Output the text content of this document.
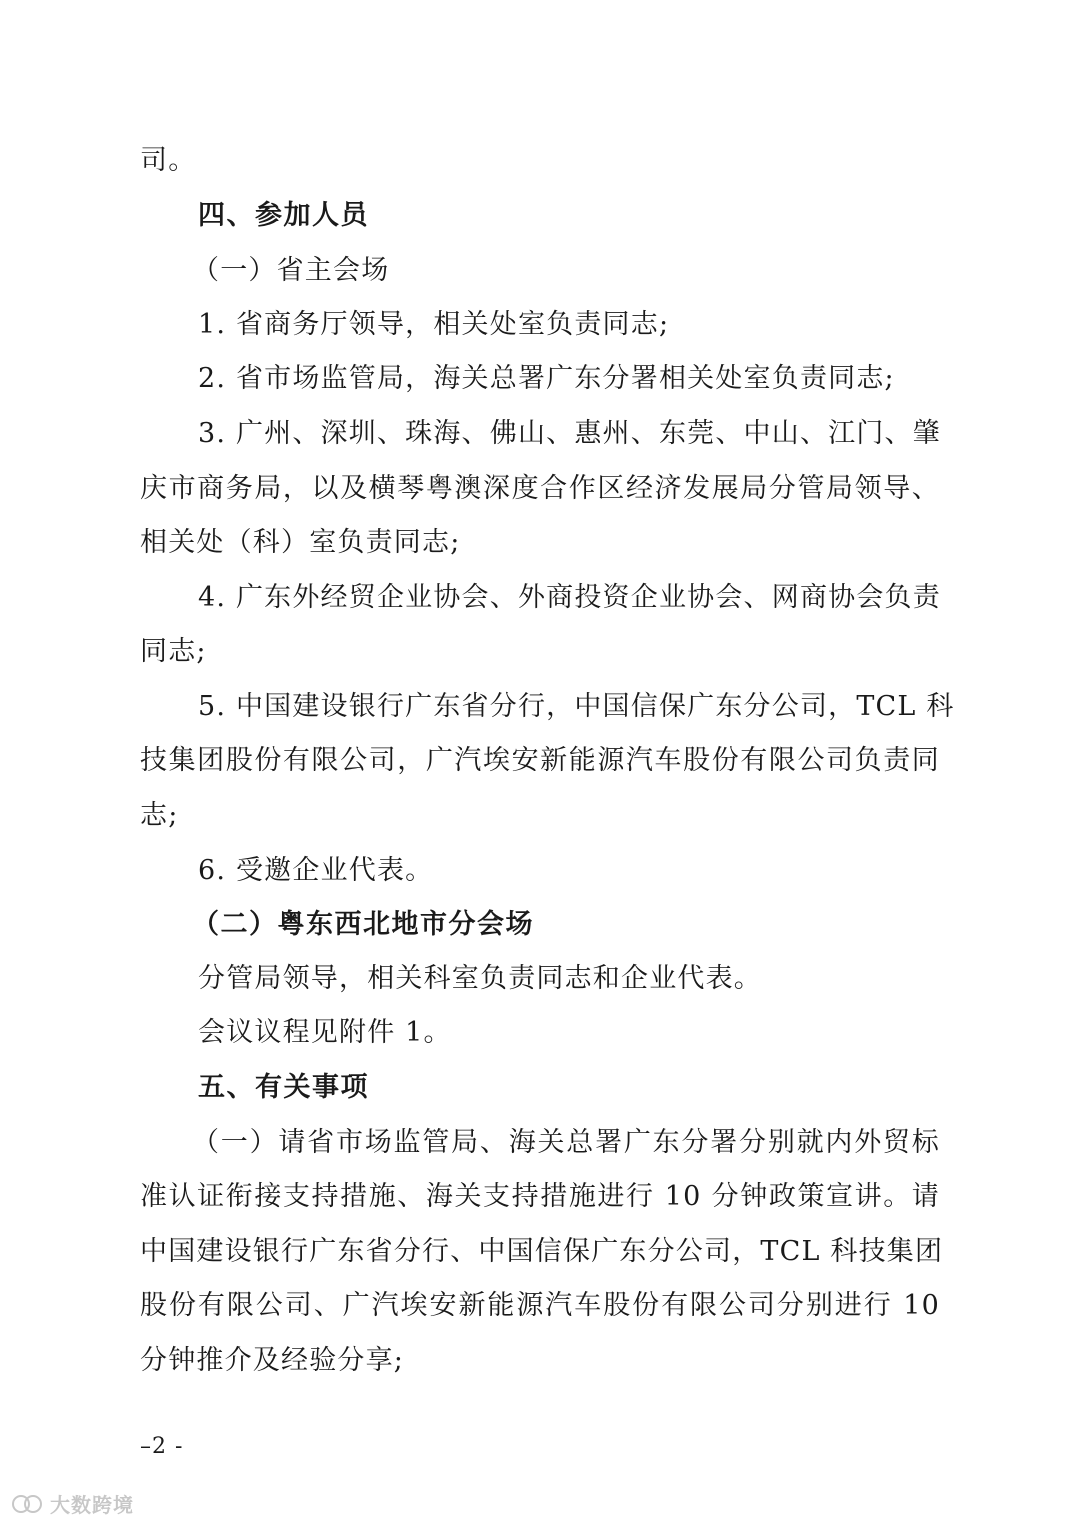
司。
四、参加人员
（一）省主会场
1. 省商务厅领导，相关处室负责同志;
2. 省市场监管局，海关总署广东分署相关处室负责同志;
3. 广州、深圳、珠海、佛山、惠州、东莞、中山、江门、肇
庆市商务局，以及横琴粤澳深度合作区经济发展局分管局领导、
相关处（科）室负责同志;
4. 广东外经贸企业协会、外商投资企业协会、网商协会负责
同志;
5. 中国建设银行广东省分行，中国信保广东分公司，TCL 科
技集团股份有限公司，广汽埃安新能源汽车股份有限公司负责同
志;
6. 受邀企业代表。
（二）粤东西北地市分会场
分管局领导，相关科室负责同志和企业代表。
会议议程见附件 1。
五、有关事项
（一）请省市场监管局、海关总署广东分署分别就内外贸标
准认证衔接支持措施、海关支持措施进行 10 分钟政策宣讲。请
中国建设银行广东省分行、中国信保广东分公司，TCL 科技集团
股份有限公司、广汽埃安新能源汽车股份有限公司分别进行 10
分钟推介及经验分享;
–2 -
大数跨境
